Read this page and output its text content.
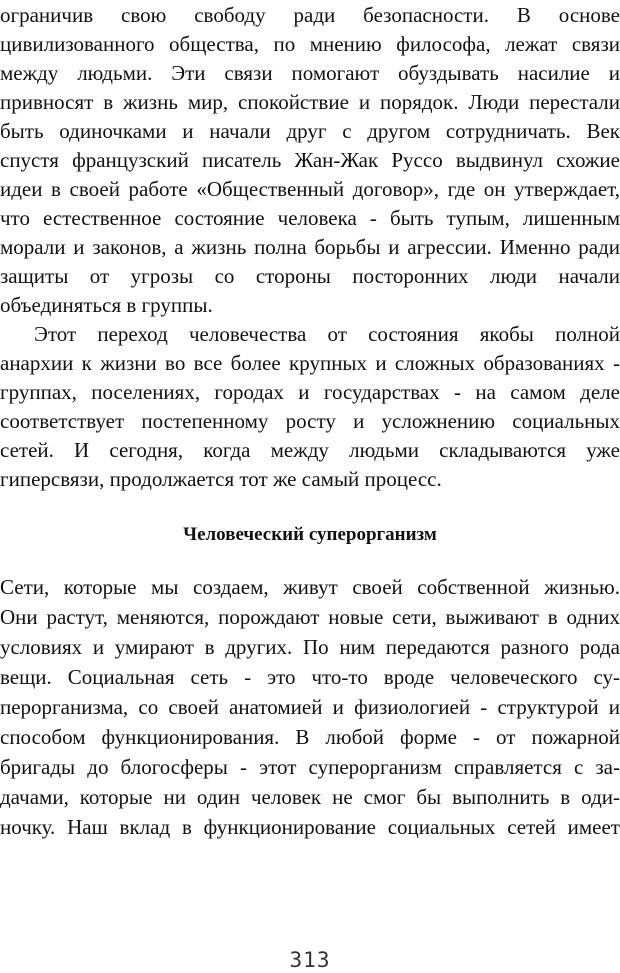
ограничив свою свободу ради безопасности. В основе
цивилизованного общества, по мнению философа, лежат связи
между людьми. Эти связи помогают обуздывать насилие и
привносят в жизнь мир, спокойствие и порядок. Люди перестали
быть одиночками и начали друг с другом сотрудничать. Век
спустя французский писатель Жан-Жак Руссо выдвинул схожие
идеи в своей работе «Общественный договор», где он утверждает,
что естественное состояние человека - быть тупым, лишенным
морали и законов, а жизнь полна борьбы и агрессии. Именно ради
защиты от угрозы со стороны посторонних люди начали
объединяться в группы.
Этот переход человечества от состояния якобы полной
анархии к жизни во все более крупных и сложных образованиях -
группах, поселениях, городах и государствах - на самом деле
соответствует постепенному росту и усложнению социальных
сетей. И сегодня, когда между людьми складываются уже
гиперсвязи, продолжается тот же самый процесс.
Человеческий суперорганизм
Сети, которые мы создаем, живут своей собственной жизнью.
Они растут, меняются, порождают новые сети, выживают в одних
условиях и умирают в других. По ним передаются разного рода
вещи. Социальная сеть - это что-то вроде человеческого су-
перорганизма, со своей анатомией и физиологией - структурой и
способом функционирования. В любой форме - от пожарной
бригады до блогосферы - этот суперорганизм справляется с за-
дачами, которые ни один человек не смог бы выполнить в оди-
ночку. Наш вклад в функционирование социальных сетей имеет
313
